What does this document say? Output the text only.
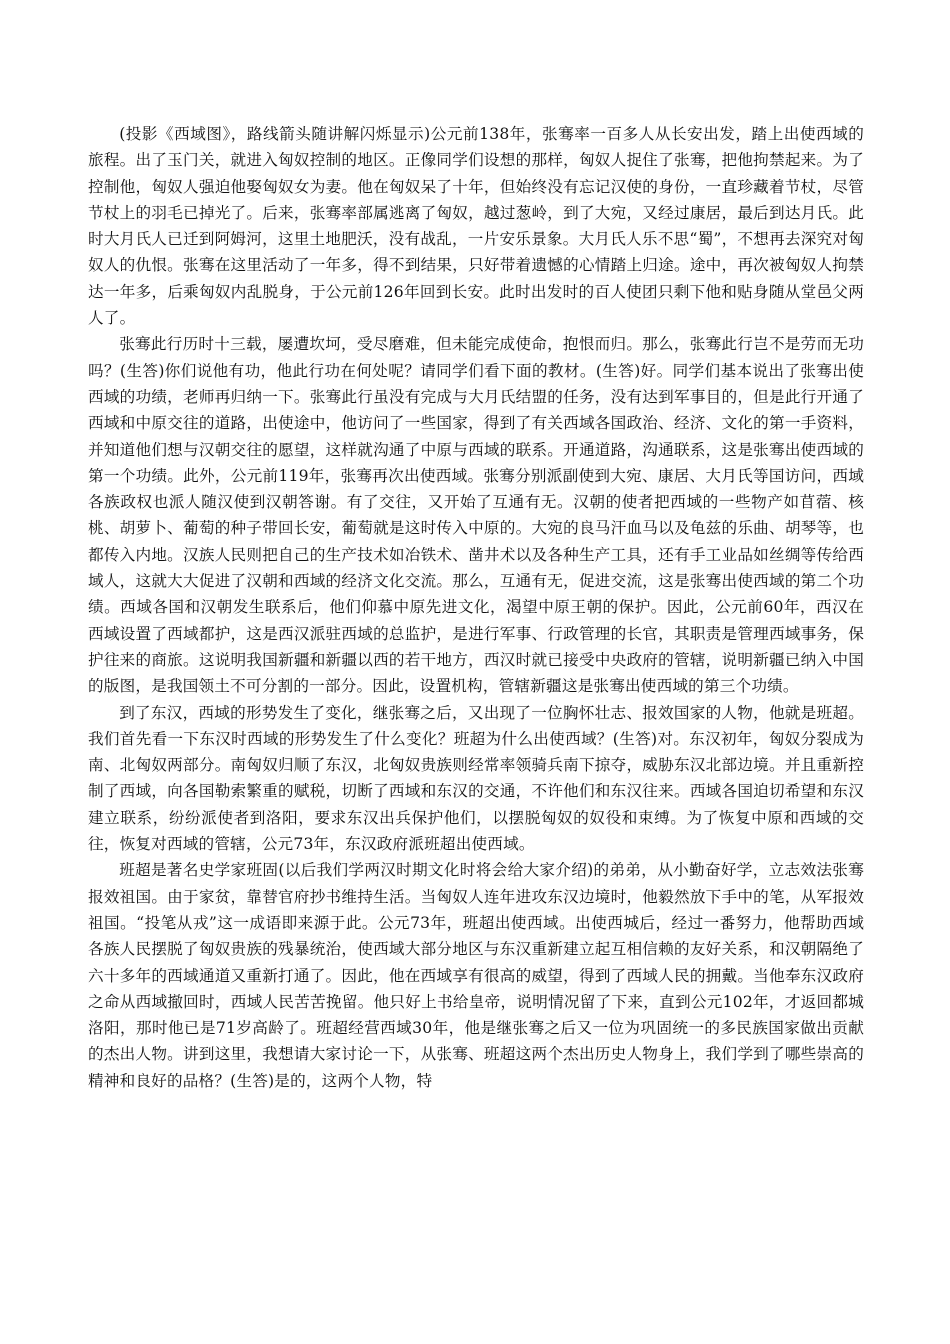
(投影《西域图》，路线箭头随讲解闪烁显示)公元前138年，张骞率一百多人从长安出发，踏上出使西域的旅程。出了玉门关，就进入匈奴控制的地区。正像同学们设想的那样，匈奴人捉住了张骞，把他拘禁起来。为了控制他，匈奴人强迫他娶匈奴女为妻。他在匈奴呆了十年，但始终没有忘记汉使的身份，一直珍藏着节杖，尽管节杖上的羽毛已掉光了。后来，张骞率部属逃离了匈奴，越过葱岭，到了大宛，又经过康居，最后到达月氏。此时大月氏人已迁到阿姆河，这里土地肥沃，没有战乱，一片安乐景象。大月氏人乐不思“蜀”，不想再去深究对匈奴人的仇恨。张骞在这里活动了一年多，得不到结果，只好带着遗憾的心情踏上归途。途中，再次被匈奴人拘禁达一年多，后乘匈奴内乱脱身，于公元前126年回到长安。此时出发时的百人使团只剩下他和贴身随从堂邑父两人了。

张骞此行历时十三载，屡遭坎坷，受尽磨难，但未能完成使命，抱恨而归。那么，张骞此行岂不是劳而无功吗？(生答)你们说他有功，他此行功在何处呢？请同学们看下面的教材。(生答)好。同学们基本说出了张骞出使西域的功绩，老师再归纳一下。张骞此行虽没有完成与大月氏结盟的任务，没有达到军事目的，但是此行开通了西域和中原交往的道路，出使途中，他访问了一些国家，得到了有关西域各国政治、经济、文化的第一手资料，并知道他们想与汉朝交往的愿望，这样就沟通了中原与西域的联系。开通道路，沟通联系，这是张骞出使西域的第一个功绩。此外，公元前119年，张骞再次出使西域。张骞分别派副使到大宛、康居、大月氏等国访问，西域各族政权也派人随汉使到汉朝答谢。有了交往，又开始了互通有无。汉朝的使者把西域的一些物产如苜蓿、核桃、胡萝卜、葡萄的种子带回长安，葡萄就是这时传入中原的。大宛的良马汗血马以及龟兹的乐曲、胡琴等，也都传入内地。汉族人民则把自己的生产技术如冶铁术、凿井术以及各种生产工具，还有手工业品如丝绸等传给西域人，这就大大促进了汉朝和西域的经济文化交流。那么，互通有无，促进交流，这是张骞出使西域的第二个功绩。西域各国和汉朝发生联系后，他们仰慕中原先进文化，渴望中原王朝的保护。因此，公元前60年，西汉在西域设置了西域都护，这是西汉派驻西域的总监护，是进行军事、行政管理的长官，其职责是管理西域事务，保护往来的商旅。这说明我国新疆和新疆以西的若干地方，西汉时就已接受中央政府的管辖，说明新疆已纳入中国的版图，是我国领土不可分割的一部分。因此，设置机构，管辖新疆这是张骞出使西域的第三个功绩。

到了东汉，西域的形势发生了变化，继张骞之后，又出现了一位胸怀壮志、报效国家的人物，他就是班超。我们首先看一下东汉时西域的形势发生了什么变化？班超为什么出使西域？(生答)对。东汉初年，匈奴分裂成为南、北匈奴两部分。南匈奴归顺了东汉，北匈奴贵族则经常率领骑兵南下掠夺，威胁东汉北部边境。并且重新控制了西域，向各国勒索繁重的赋税，切断了西域和东汉的交通，不许他们和东汉往来。西域各国迫切希望和东汉建立联系，纷纷派使者到洛阳，要求东汉出兵保护他们，以摆脱匈奴的奴役和束缚。为了恢复中原和西域的交往，恢复对西域的管辖，公元73年，东汉政府派班超出使西域。

班超是著名史学家班固(以后我们学两汉时期文化时将会给大家介绍)的弟弟，从小勤奋好学，立志效法张骞报效祖国。由于家贫，靠替官府抄书维持生活。当匈奴人连年进攻东汉边境时，他毅然放下手中的笔，从军报效祖国。“投笔从戎”这一成语即来源于此。公元73年，班超出使西域。出使西城后，经过一番努力，他帮助西域各族人民摆脱了匈奴贵族的残暴统治，使西域大部分地区与东汉重新建立起互相信赖的友好关系，和汉朝隔绝了六十多年的西域通道又重新打通了。因此，他在西域享有很高的威望，得到了西域人民的拥戴。当他奉东汉政府之命从西域撤回时，西域人民苦苦挽留。他只好上书给皇帝，说明情况留了下来，直到公元102年，才返回都城洛阳，那时他已是71岁高龄了。班超经营西域30年，他是继张骞之后又一位为巩固统一的多民族国家做出贡献的杰出人物。讲到这里，我想请大家讨论一下，从张骞、班超这两个杰出历史人物身上，我们学到了哪些崇高的精神和良好的品格？(生答)是的，这两个人物，特
